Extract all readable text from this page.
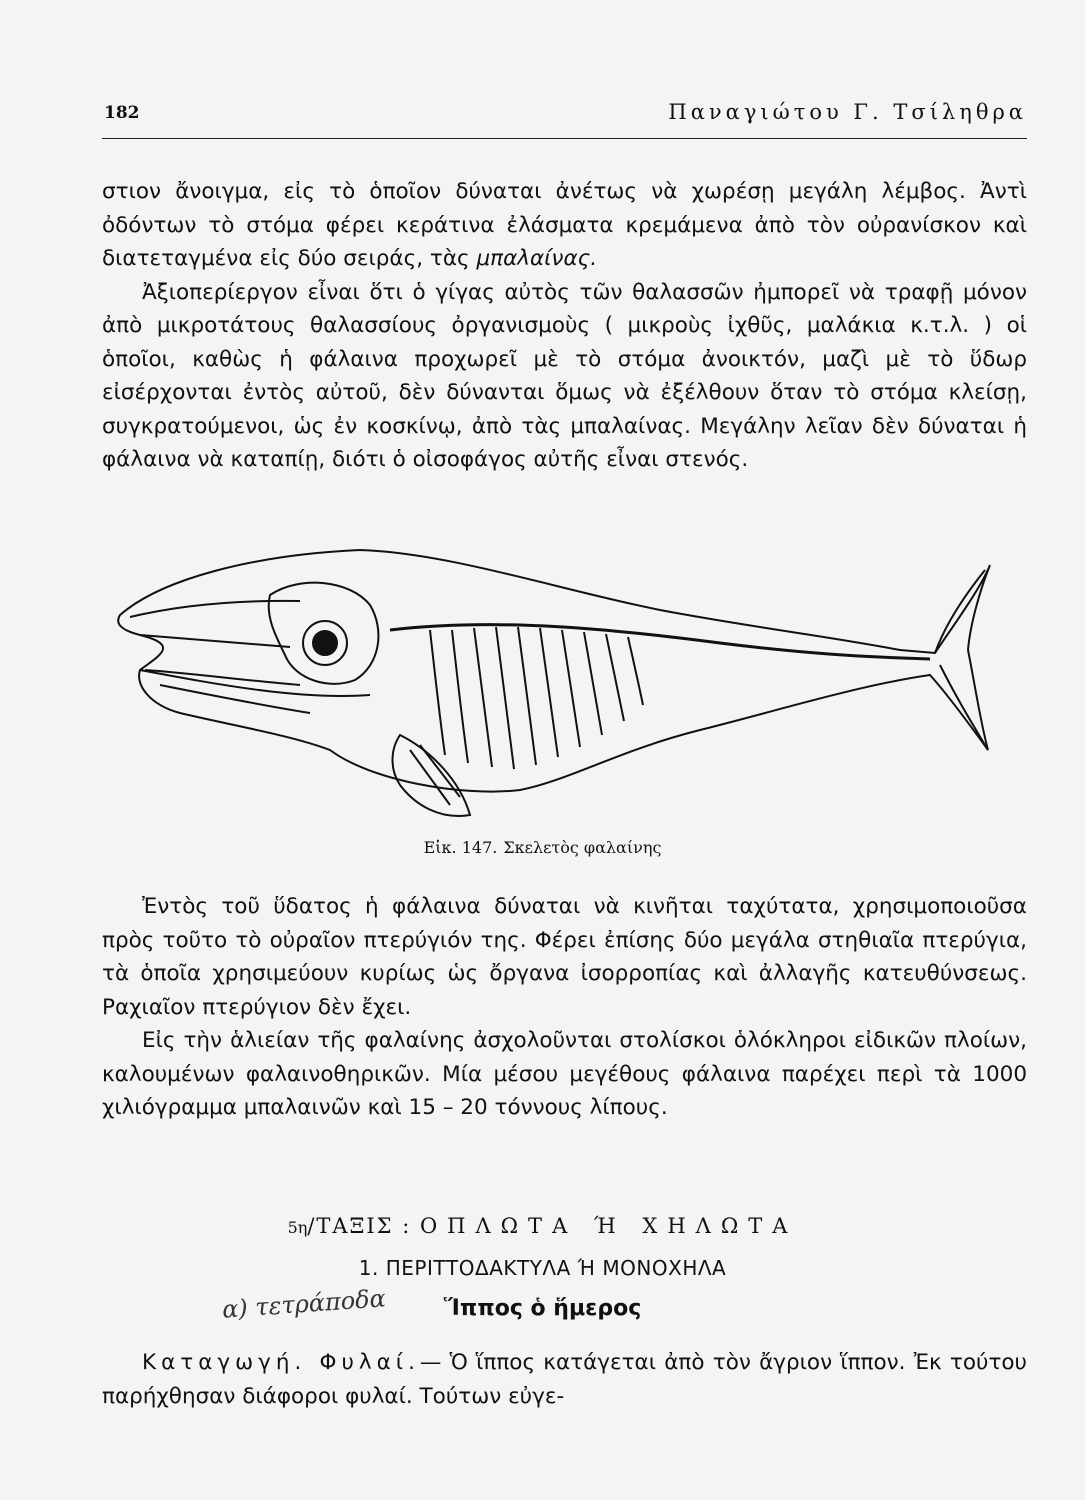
182	Παναγιώτου Γ. Τσίληθρα

στιον ἄνοιγμα, εἰς τὸ ὁποῖον δύναται ἀνέτως νὰ χωρέσῃ μεγάλη λέμβος. Ἀντὶ ὀδόντων τὸ στόμα φέρει κεράτινα ἐλάσματα κρεμάμενα ἀπὸ τὸν οὐρανίσκον καὶ διατεταγμένα εἰς δύο σειράς, τὰς μπαλαίνας.

Ἀξιοπερίεργον εἶναι ὅτι ὁ γίγας αὐτὸς τῶν θαλασσῶν ἠμπορεῖ νὰ τραφῇ μόνον ἀπὸ μικροτάτους θαλασσίους ὀργανισμοὺς ( μικροὺς ἰχθῦς, μαλάκια κ.τ.λ. ) οἱ ὁποῖοι, καθὼς ἡ φάλαινα προχωρεῖ μὲ τὸ στόμα ἀνοικτόν, μαζὶ μὲ τὸ ὕδωρ εἰσέρχονται ἐντὸς αὐτοῦ, δὲν δύνανται ὅμως νὰ ἐξέλθουν ὅταν τὸ στόμα κλείσῃ, συγκρατούμενοι, ὡς ἐν κοσκίνῳ, ἀπὸ τὰς μπαλαίνας. Μεγάλην λεῖαν δὲν δύναται ἡ φάλαινα νὰ καταπίῃ, διότι ὁ οἰσοφάγος αὐτῆς εἶναι στενός.

Εἰκ. 147. Σκελετὸς φαλαίνης

Ἐντὸς τοῦ ὕδατος ἡ φάλαινα δύναται νὰ κινῆται ταχύτατα, χρησιμοποιοῦσα πρὸς τοῦτο τὸ οὐραῖον πτερύγιόν της. Φέρει ἐπίσης δύο μεγάλα στηθιαῖα πτερύγια, τὰ ὁποῖα χρησιμεύουν κυρίως ὡς ὄργανα ἰσορροπίας καὶ ἀλλαγῆς κατευθύνσεως. Ραχιαῖον πτερύγιον δὲν ἔχει.

Εἰς τὴν ἁλιείαν τῆς φαλαίνης ἀσχολοῦνται στολίσκοι ὁλόκληροι εἰδικῶν πλοίων, καλουμένων φαλαινοθηρικῶν. Μία μέσου μεγέθους φάλαινα παρέχει περὶ τὰ 1000 χιλιόγραμμα μπαλαινῶν καὶ 15 – 20 τόννους λίπους.

5η/ΤΑΞΙΣ : ΟΠΛΩΤΑ Ή ΧΗΛΩΤΑ
1. ΠΕΡΙΤΤΟΔΑΚΤΥΛΑ Ή ΜΟΝΟΧΗΛΑ
α) τετράποδα	Ἵππος ὁ ἥμερος

Καταγωγή. Φυλαί.— Ὁ ἵππος κατάγεται ἀπὸ τὸν ἄγριον ἵππον. Ἐκ τούτου παρήχθησαν διάφοροι φυλαί. Τούτων εὐγε-
